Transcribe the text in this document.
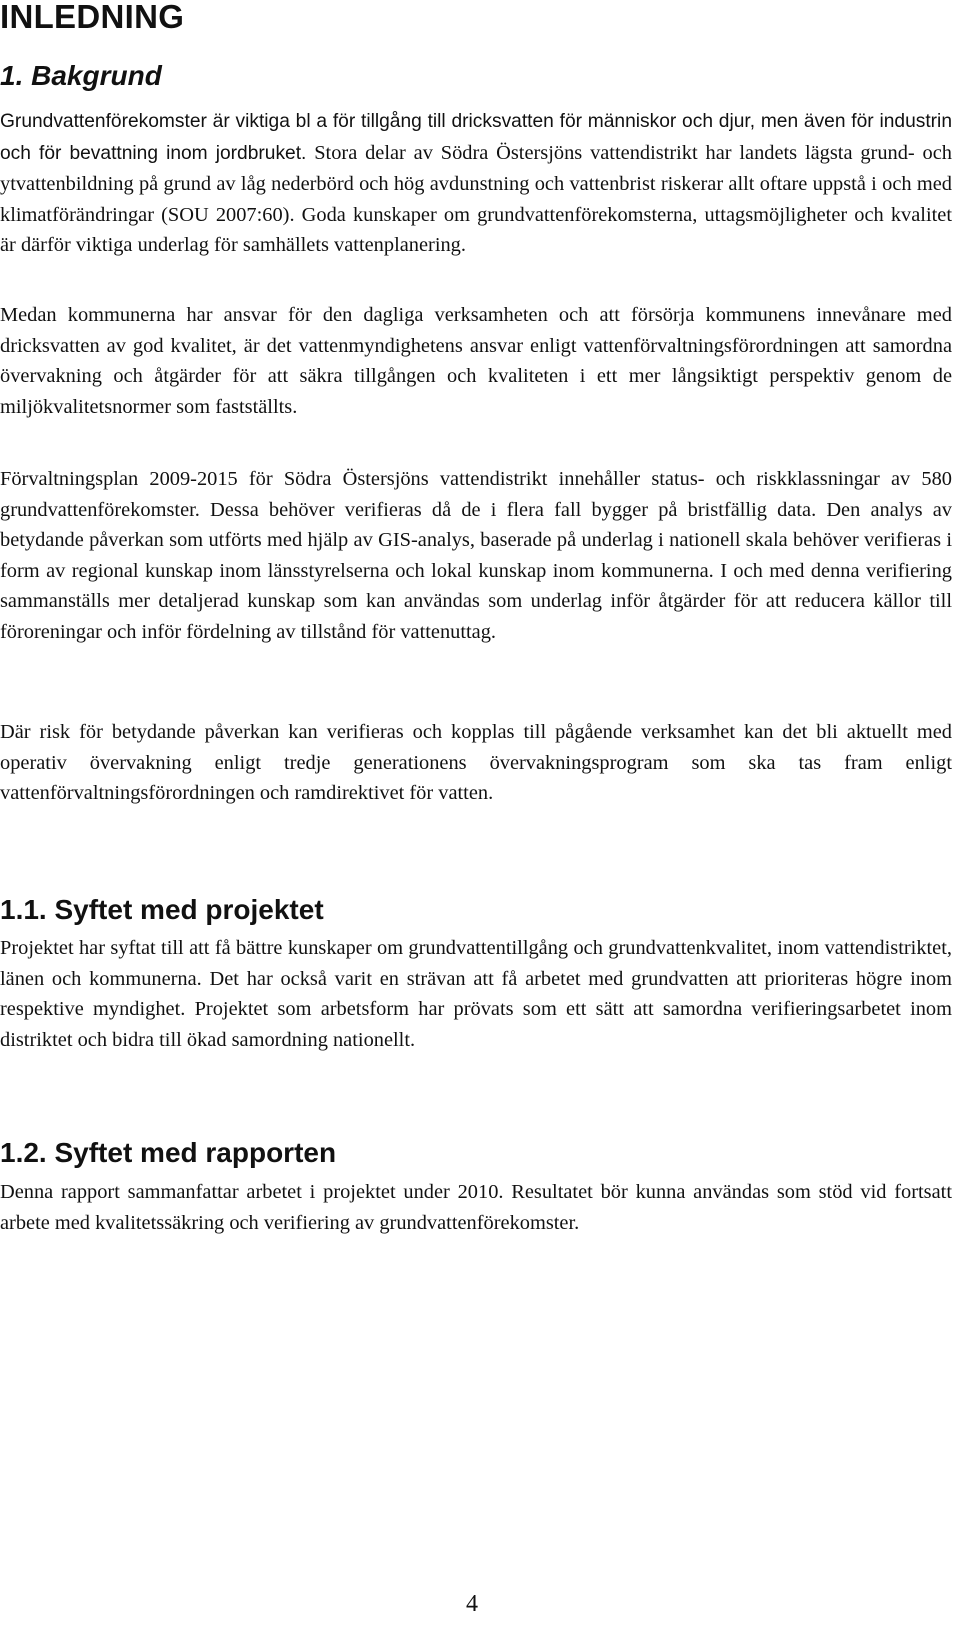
INLEDNING
1. Bakgrund

Grundvattenförekomster är viktiga bl a för tillgång till dricksvatten för människor och djur, men även för industrin och för bevattning inom jordbruket. Stora delar av Södra Östersjöns vattendistrikt har landets lägsta grund- och ytvattenbildning på grund av låg nederbörd och hög avdunstning och vattenbrist riskerar allt oftare uppstå i och med klimatförändringar (SOU 2007:60). Goda kunskaper om grundvattenförekomsterna, uttagsmöjligheter och kvalitet är därför viktiga underlag för samhällets vattenplanering.

Medan kommunerna har ansvar för den dagliga verksamheten och att försörja kommunens innevånare med dricksvatten av god kvalitet, är det vattenmyndighetens ansvar enligt vattenförvaltningsförordningen att samordna övervakning och åtgärder för att säkra tillgången och kvaliteten i ett mer långsiktigt perspektiv genom de miljökvalitetsnormer som fastställts.

Förvaltningsplan 2009-2015 för Södra Östersjöns vattendistrikt innehåller status- och riskklassningar av 580 grundvattenförekomster. Dessa behöver verifieras då de i flera fall bygger på bristfällig data. Den analys av betydande påverkan som utförts med hjälp av GIS-analys, baserade på underlag i nationell skala behöver verifieras i form av regional kunskap inom länsstyrelserna och lokal kunskap inom kommunerna. I och med denna verifiering sammanställs mer detaljerad kunskap som kan användas som underlag inför åtgärder för att reducera källor till föroreningar och inför fördelning av tillstånd för vattenuttag.

Där risk för betydande påverkan kan verifieras och kopplas till pågående verksamhet kan det bli aktuellt med operativ övervakning enligt tredje generationens övervakningsprogram som ska tas fram enligt vattenförvaltningsförordningen och ramdirektivet för vatten.

1.1. Syftet med projektet

Projektet har syftat till att få bättre kunskaper om grundvattentillgång och grundvattenkvalitet, inom vattendistriktet, länen och kommunerna. Det har också varit en strävan att få arbetet med grundvatten att prioriteras högre inom respektive myndighet. Projektet som arbetsform har prövats som ett sätt att samordna verifieringsarbetet inom distriktet och bidra till ökad samordning nationellt.

1.2. Syftet med rapporten

Denna rapport sammanfattar arbetet i projektet under 2010. Resultatet bör kunna användas som stöd vid fortsatt arbete med kvalitetssäkring och verifiering av grundvattenförekomster.

4
